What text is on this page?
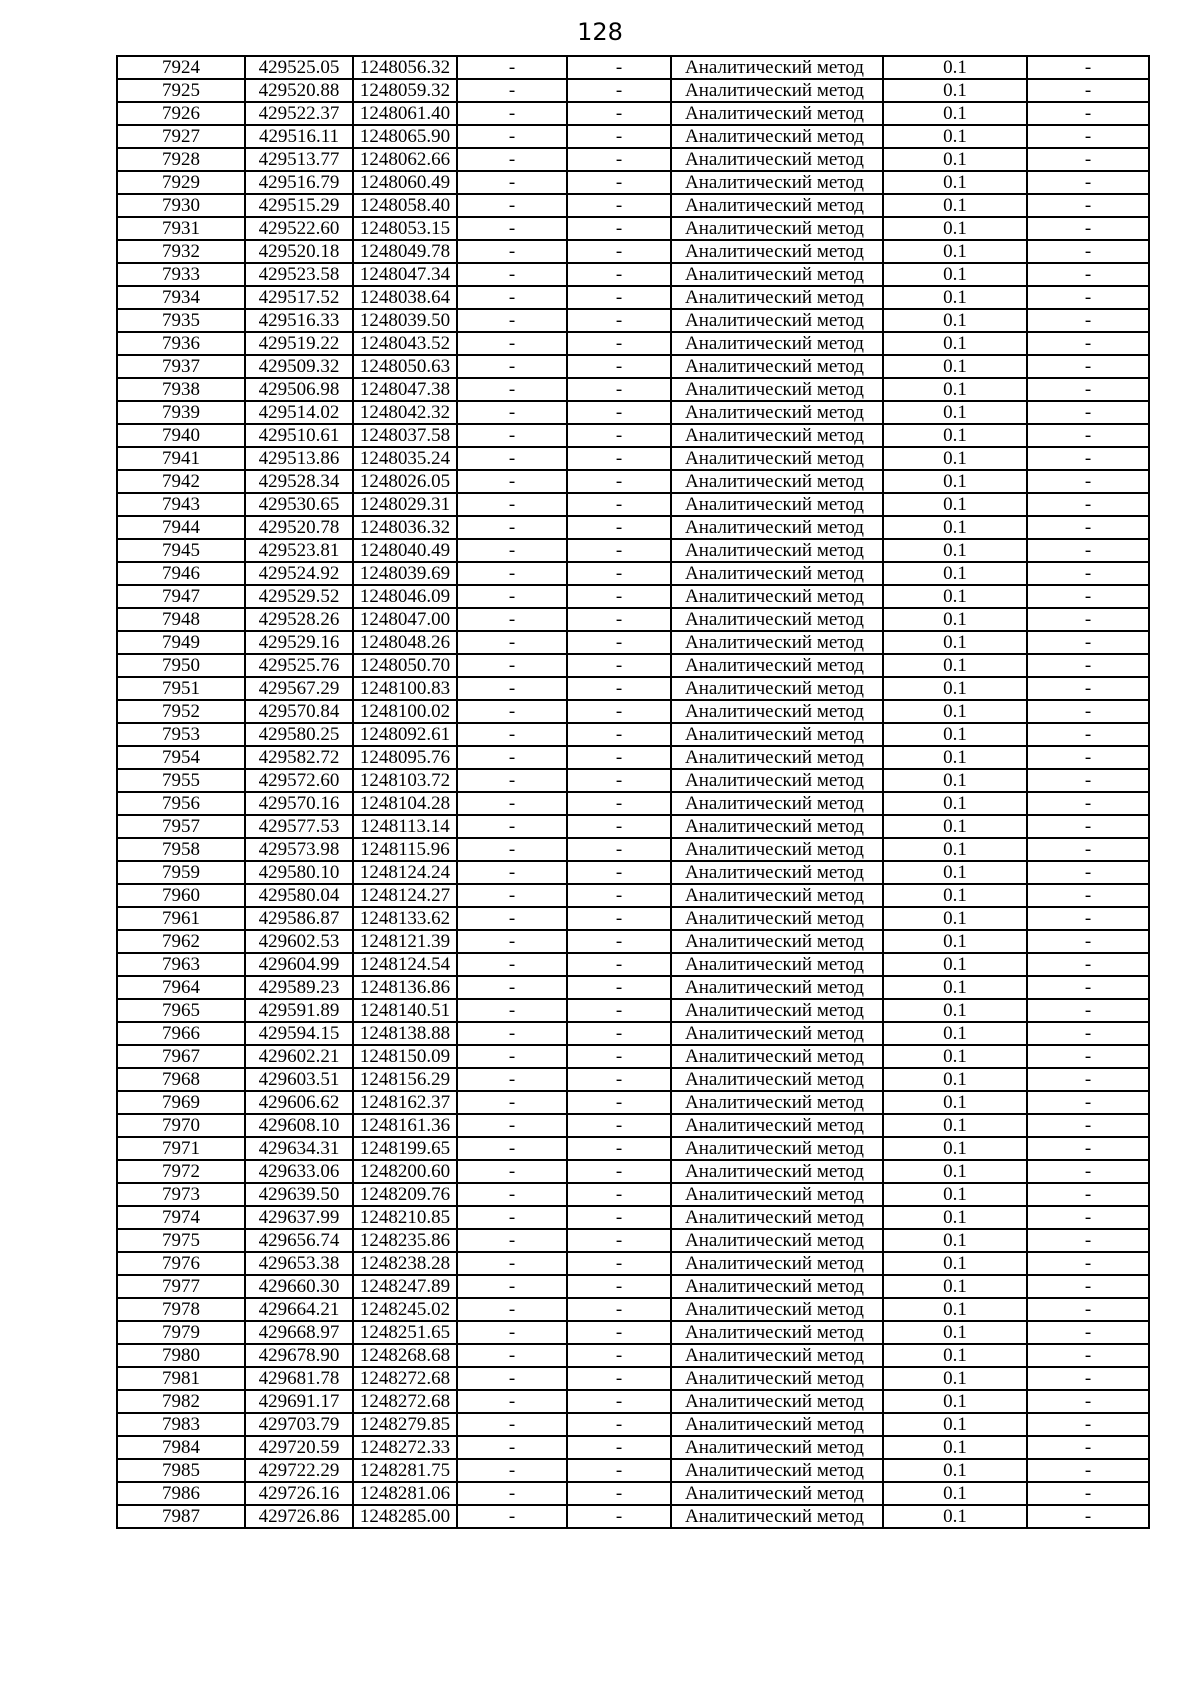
128
7924	429525.05	1248056.32	-	-	Аналитический метод	0.1	-
7925	429520.88	1248059.32	-	-	Аналитический метод	0.1	-
7926	429522.37	1248061.40	-	-	Аналитический метод	0.1	-
7927	429516.11	1248065.90	-	-	Аналитический метод	0.1	-
7928	429513.77	1248062.66	-	-	Аналитический метод	0.1	-
7929	429516.79	1248060.49	-	-	Аналитический метод	0.1	-
7930	429515.29	1248058.40	-	-	Аналитический метод	0.1	-
7931	429522.60	1248053.15	-	-	Аналитический метод	0.1	-
7932	429520.18	1248049.78	-	-	Аналитический метод	0.1	-
7933	429523.58	1248047.34	-	-	Аналитический метод	0.1	-
7934	429517.52	1248038.64	-	-	Аналитический метод	0.1	-
7935	429516.33	1248039.50	-	-	Аналитический метод	0.1	-
7936	429519.22	1248043.52	-	-	Аналитический метод	0.1	-
7937	429509.32	1248050.63	-	-	Аналитический метод	0.1	-
7938	429506.98	1248047.38	-	-	Аналитический метод	0.1	-
7939	429514.02	1248042.32	-	-	Аналитический метод	0.1	-
7940	429510.61	1248037.58	-	-	Аналитический метод	0.1	-
7941	429513.86	1248035.24	-	-	Аналитический метод	0.1	-
7942	429528.34	1248026.05	-	-	Аналитический метод	0.1	-
7943	429530.65	1248029.31	-	-	Аналитический метод	0.1	-
7944	429520.78	1248036.32	-	-	Аналитический метод	0.1	-
7945	429523.81	1248040.49	-	-	Аналитический метод	0.1	-
7946	429524.92	1248039.69	-	-	Аналитический метод	0.1	-
7947	429529.52	1248046.09	-	-	Аналитический метод	0.1	-
7948	429528.26	1248047.00	-	-	Аналитический метод	0.1	-
7949	429529.16	1248048.26	-	-	Аналитический метод	0.1	-
7950	429525.76	1248050.70	-	-	Аналитический метод	0.1	-
7951	429567.29	1248100.83	-	-	Аналитический метод	0.1	-
7952	429570.84	1248100.02	-	-	Аналитический метод	0.1	-
7953	429580.25	1248092.61	-	-	Аналитический метод	0.1	-
7954	429582.72	1248095.76	-	-	Аналитический метод	0.1	-
7955	429572.60	1248103.72	-	-	Аналитический метод	0.1	-
7956	429570.16	1248104.28	-	-	Аналитический метод	0.1	-
7957	429577.53	1248113.14	-	-	Аналитический метод	0.1	-
7958	429573.98	1248115.96	-	-	Аналитический метод	0.1	-
7959	429580.10	1248124.24	-	-	Аналитический метод	0.1	-
7960	429580.04	1248124.27	-	-	Аналитический метод	0.1	-
7961	429586.87	1248133.62	-	-	Аналитический метод	0.1	-
7962	429602.53	1248121.39	-	-	Аналитический метод	0.1	-
7963	429604.99	1248124.54	-	-	Аналитический метод	0.1	-
7964	429589.23	1248136.86	-	-	Аналитический метод	0.1	-
7965	429591.89	1248140.51	-	-	Аналитический метод	0.1	-
7966	429594.15	1248138.88	-	-	Аналитический метод	0.1	-
7967	429602.21	1248150.09	-	-	Аналитический метод	0.1	-
7968	429603.51	1248156.29	-	-	Аналитический метод	0.1	-
7969	429606.62	1248162.37	-	-	Аналитический метод	0.1	-
7970	429608.10	1248161.36	-	-	Аналитический метод	0.1	-
7971	429634.31	1248199.65	-	-	Аналитический метод	0.1	-
7972	429633.06	1248200.60	-	-	Аналитический метод	0.1	-
7973	429639.50	1248209.76	-	-	Аналитический метод	0.1	-
7974	429637.99	1248210.85	-	-	Аналитический метод	0.1	-
7975	429656.74	1248235.86	-	-	Аналитический метод	0.1	-
7976	429653.38	1248238.28	-	-	Аналитический метод	0.1	-
7977	429660.30	1248247.89	-	-	Аналитический метод	0.1	-
7978	429664.21	1248245.02	-	-	Аналитический метод	0.1	-
7979	429668.97	1248251.65	-	-	Аналитический метод	0.1	-
7980	429678.90	1248268.68	-	-	Аналитический метод	0.1	-
7981	429681.78	1248272.68	-	-	Аналитический метод	0.1	-
7982	429691.17	1248272.68	-	-	Аналитический метод	0.1	-
7983	429703.79	1248279.85	-	-	Аналитический метод	0.1	-
7984	429720.59	1248272.33	-	-	Аналитический метод	0.1	-
7985	429722.29	1248281.75	-	-	Аналитический метод	0.1	-
7986	429726.16	1248281.06	-	-	Аналитический метод	0.1	-
7987	429726.86	1248285.00	-	-	Аналитический метод	0.1	-
